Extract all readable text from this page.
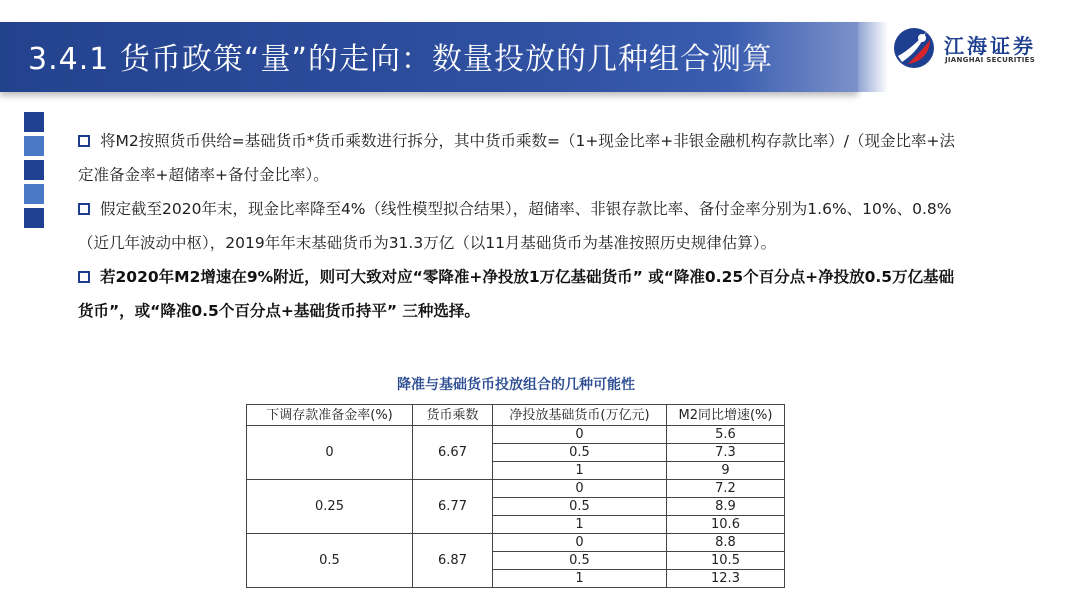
3.4.1 货币政策“量”的走向：数量投放的几种组合测算	江海证券
JIANGHAI SECURITIES
将M2按照货币供给=基础货币*货币乘数进行拆分，其中货币乘数=（1+现金比率+非银金融机构存款比率）/（现金比率+法定准备金率+超储率+备付金比率）。
假定截至2020年末，现金比率降至4%（线性模型拟合结果），超储率、非银存款比率、备付金率分别为1.6%、10%、0.8%（近几年波动中枢），2019年年末基础货币为31.3万亿（以11月基础货币为基准按照历史规律估算）。
若2020年M2增速在9%附近，则可大致对应“零降准+净投放1万亿基础货币” 或“降准0.25个百分点+净投放0.5万亿基础货币”，或“降准0.5个百分点+基础货币持平” 三种选择。
降准与基础货币投放组合的几种可能性
下调存款准备金率(%)	货币乘数	净投放基础货币(万亿元)	M2同比增速(%)
0	6.67	0	5.6
		0.5	7.3
		1	9
0.25	6.77	0	7.2
		0.5	8.9
		1	10.6
0.5	6.87	0	8.8
		0.5	10.5
		1	12.3
